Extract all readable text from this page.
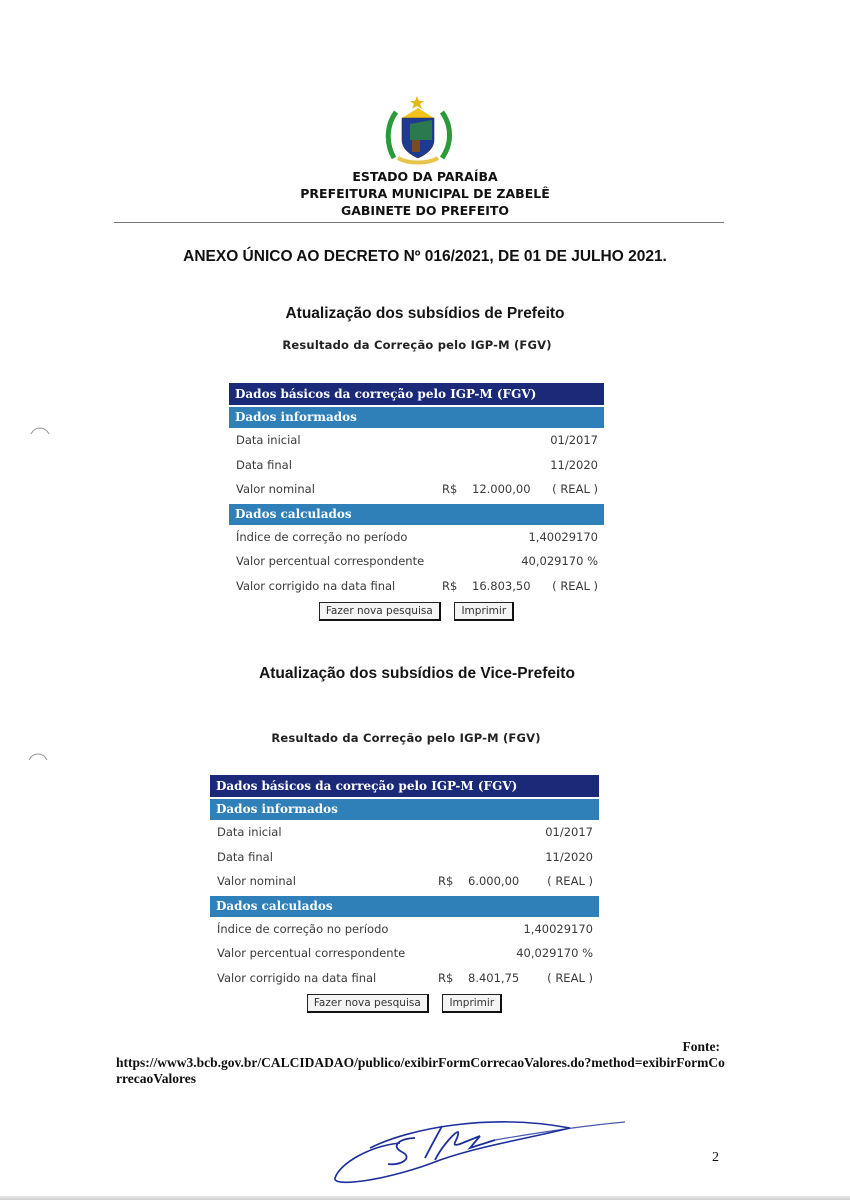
ESTADO DA PARAÍBA
PREFEITURA MUNICIPAL DE ZABELÊ
GABINETE DO PREFEITO
ANEXO ÚNICO AO DECRETO Nº 016/2021, DE 01 DE JULHO 2021.
Atualização dos subsídios de Prefeito
Resultado da Correção pelo IGP-M (FGV)
Dados básicos da correção pelo IGP-M (FGV)
Dados informados
Data inicial	01/2017
Data final	11/2020
Valor nominal	R$ 12.000,00 ( REAL )
Dados calculados
Índice de correção no período	1,40029170
Valor percentual correspondente	40,029170 %
Valor corrigido na data final	R$ 16.803,50 ( REAL )
Fazer nova pesquisa	Imprimir
Atualização dos subsídios de Vice-Prefeito
Resultado da Correção pelo IGP-M (FGV)
Dados básicos da correção pelo IGP-M (FGV)
Dados informados
Data inicial	01/2017
Data final	11/2020
Valor nominal	R$ 6.000,00 ( REAL )
Dados calculados
Índice de correção no período	1,40029170
Valor percentual correspondente	40,029170 %
Valor corrigido na data final	R$ 8.401,75 ( REAL )
Fazer nova pesquisa	Imprimir
Fonte:
https://www3.bcb.gov.br/CALCIDADAO/publico/exibirFormCorrecaoValores.do?method=exibirFormCorrecaoValores
2
